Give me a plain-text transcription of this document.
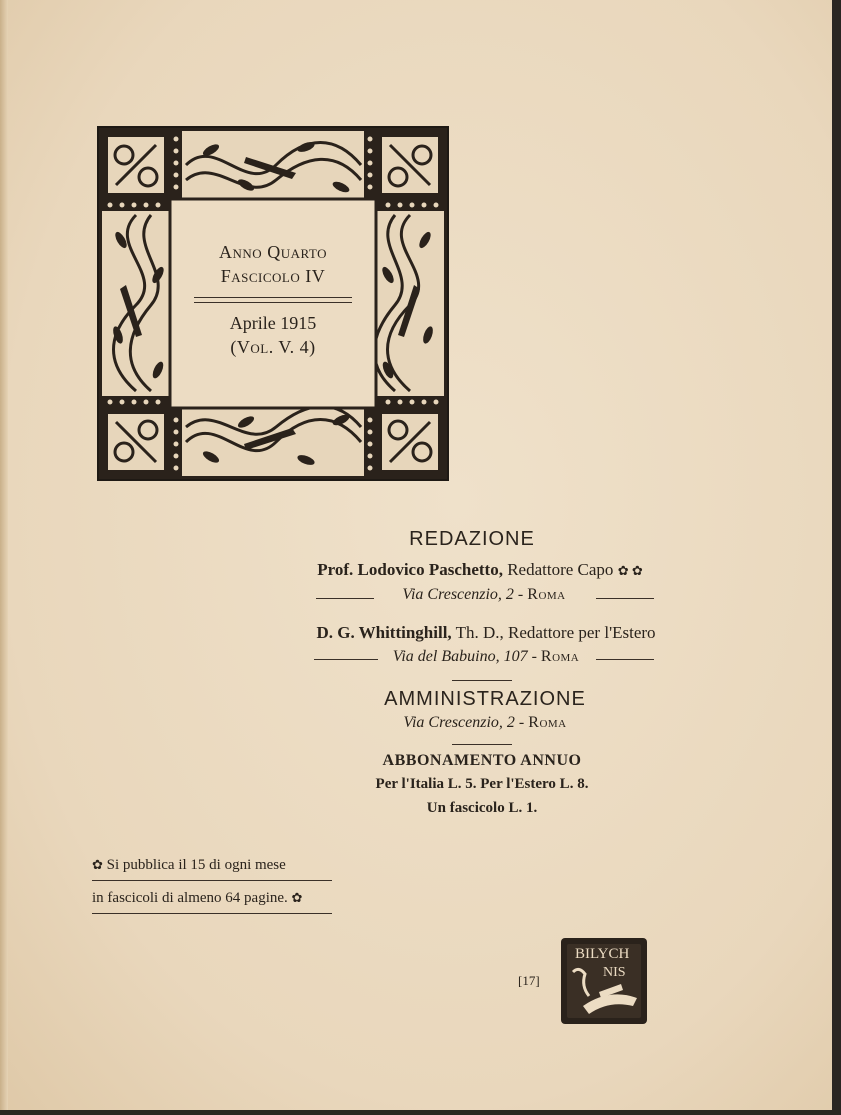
Anno Quarto
Fascicolo IV
Aprile 1915
(Vol. V. 4)
REDAZIONE
Prof. Lodovico Paschetto, Redattore Capo ✿ ✿
Via Crescenzio, 2 - Roma
D. G. Whittinghill, Th. D., Redattore per l'Estero
Via del Babuino, 107 - Roma
AMMINISTRAZIONE
Via Crescenzio, 2 - Roma
ABBONAMENTO ANNUO
Per l'Italia L. 5. Per l'Estero L. 8.
Un fascicolo L. 1.
✿ Si pubblica il 15 di ogni mese
in fascicoli di almeno 64 pagine. ✿
[17]
BILYCH
NIS
